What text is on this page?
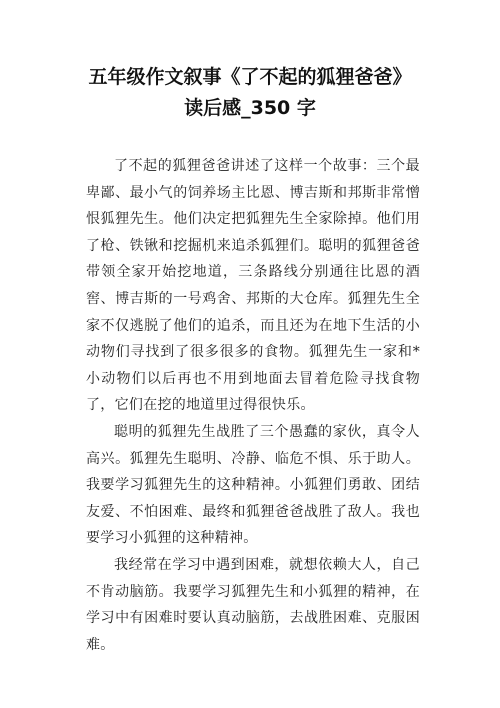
五年级作文叙事《了不起的狐狸爸爸》
读后感_350 字

了不起的狐狸爸爸讲述了这样一个故事：三个最卑鄙、最小气的饲养场主比恩、博吉斯和邦斯非常憎恨狐狸先生。他们决定把狐狸先生全家除掉。他们用了枪、铁锹和挖掘机来追杀狐狸们。聪明的狐狸爸爸带领全家开始挖地道，三条路线分别通往比恩的酒窖、博吉斯的一号鸡舍、邦斯的大仓库。狐狸先生全家不仅逃脱了他们的追杀，而且还为在地下生活的小动物们寻找到了很多很多的食物。狐狸先生一家和*小动物们以后再也不用到地面去冒着危险寻找食物了，它们在挖的地道里过得很快乐。

聪明的狐狸先生战胜了三个愚蠢的家伙，真令人高兴。狐狸先生聪明、冷静、临危不惧、乐于助人。我要学习狐狸先生的这种精神。小狐狸们勇敢、团结友爱、不怕困难、最终和狐狸爸爸战胜了敌人。我也要学习小狐狸的这种精神。

我经常在学习中遇到困难，就想依赖大人，自己不肯动脑筋。我要学习狐狸先生和小狐狸的精神，在学习中有困难时要认真动脑筋，去战胜困难、克服困难。
